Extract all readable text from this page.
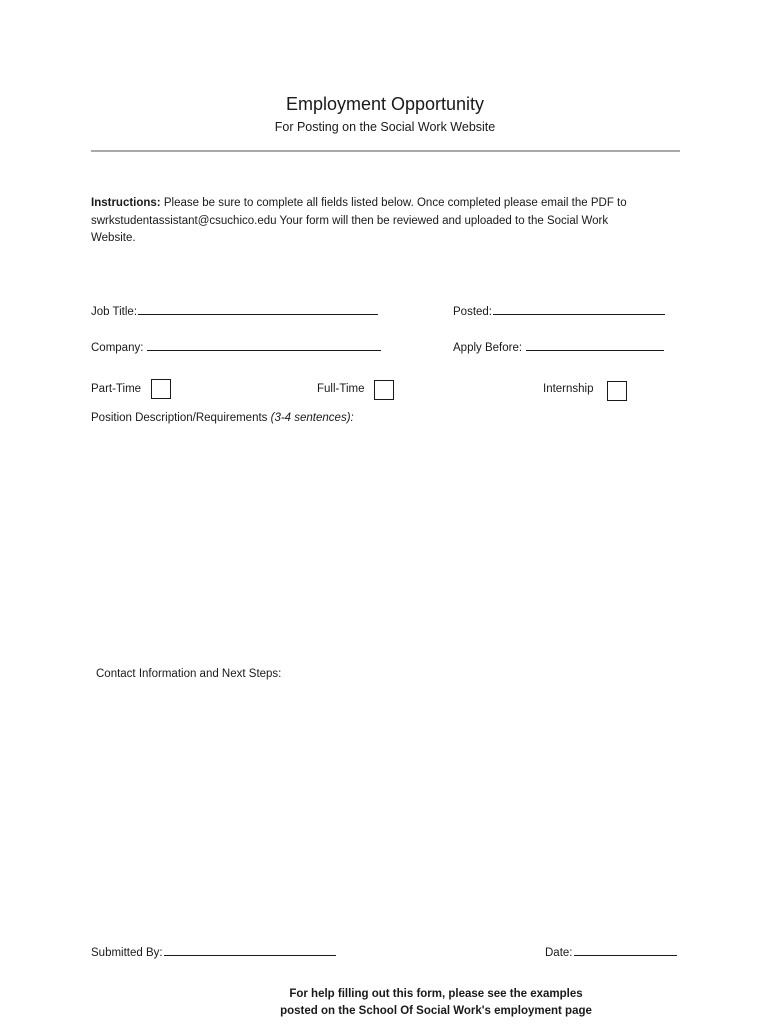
Employment Opportunity
For Posting on the Social Work Website
Instructions: Please be sure to complete all fields listed below. Once completed please email the PDF to swrkstudentassistant@csuchico.edu Your form will then be reviewed and uploaded to the Social Work Website.
Job Title:	Posted:
Company:	Apply Before:
Part-Time	Full-Time	Internship
Position Description/Requirements (3-4 sentences):
Contact Information and Next Steps:
Submitted By:	Date:
For help filling out this form, please see the examples
posted on the School Of Social Work's employment page
